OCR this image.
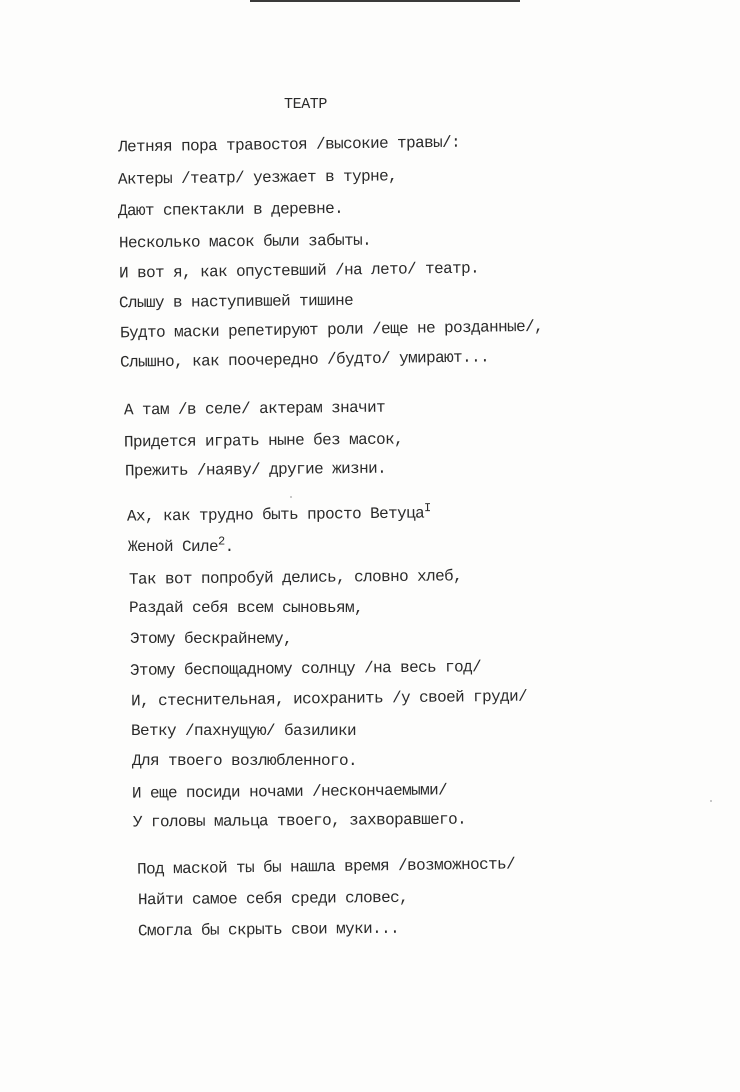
ТЕАТР
Летняя пора травостоя /высокие травы/:
Актеры /театр/ уезжает в турне,
Дают спектакли в деревне.
Несколько масок были забыты.
И вот я, как опустевший /на лето/ театр.
Слышу в наступившей тишине
Будто маски репетируют роли /еще не розданные/,
Слышно, как поочередно /будто/ умирают...
А там /в селе/ актерам значит
Придется играть ныне без масок,
Прежить /наяву/ другие жизни.
Ах, как трудно быть просто Ветуца$^I$
Женой Силе$^2$.
Так вот попробуй делись, словно хлеб,
Раздай себя всем сыновьям,
Этому бескрайнему,
Этому беспощадному солнцу /на весь год/
И, стеснительная, исохранить /у своей груди/
Ветку /пахнущую/ базилики
Для твоего возлюбленного.
И еще посиди ночами /нескончаемыми/
У головы мальца твоего, захворавшего.
Под маской ты бы нашла время /возможность/
Найти самое себя среди словес,
Смогла бы скрыть свои муки...
